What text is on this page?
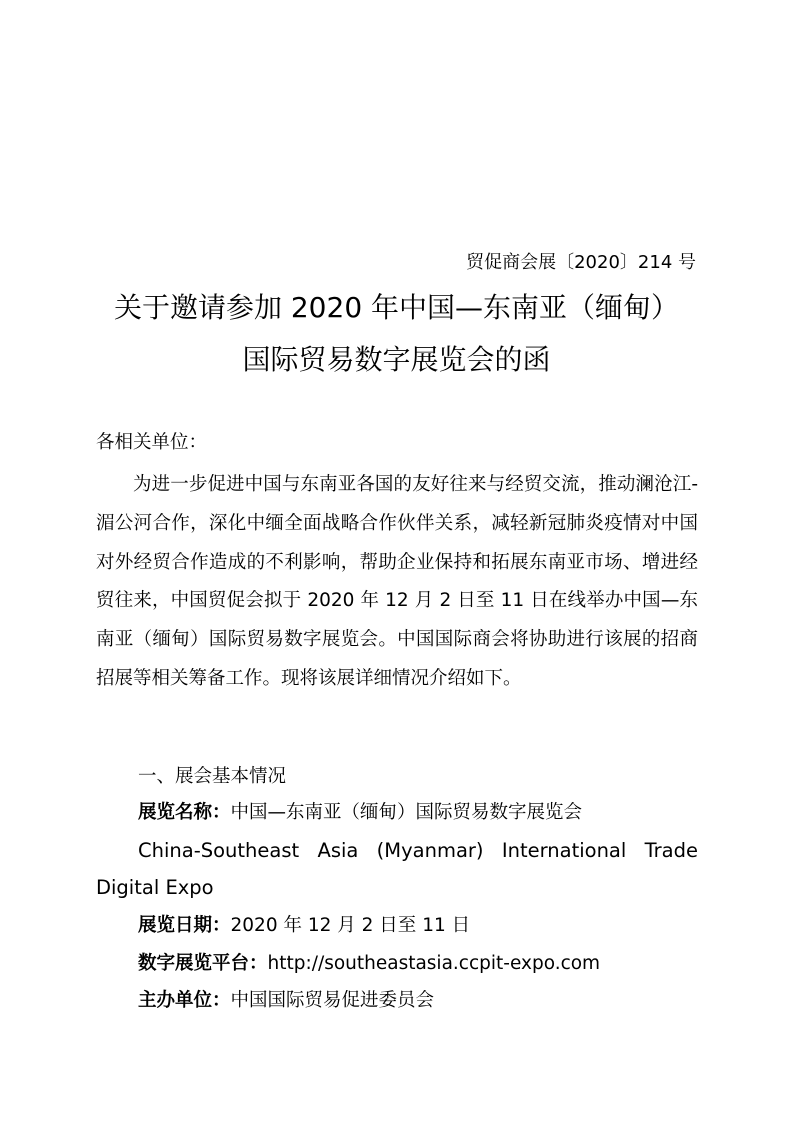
贸促商会展〔2020〕214 号
关于邀请参加 2020 年中国—东南亚（缅甸）
国际贸易数字展览会的函
各相关单位：

为进一步促进中国与东南亚各国的友好往来与经贸交流，推动澜沧江-湄公河合作，深化中缅全面战略合作伙伴关系，减轻新冠肺炎疫情对中国对外经贸合作造成的不利影响，帮助企业保持和拓展东南亚市场、增进经贸往来，中国贸促会拟于 2020 年 12 月 2 日至 11 日在线举办中国—东南亚（缅甸）国际贸易数字展览会。中国国际商会将协助进行该展的招商招展等相关筹备工作。现将该展详细情况介绍如下。

一、展会基本情况
展览名称：中国—东南亚（缅甸）国际贸易数字展览会
China-Southeast Asia (Myanmar) International Trade
Digital Expo
展览日期：2020 年 12 月 2 日至 11 日
数字展览平台：http://southeastasia.ccpit-expo.com
主办单位：中国国际贸易促进委员会
